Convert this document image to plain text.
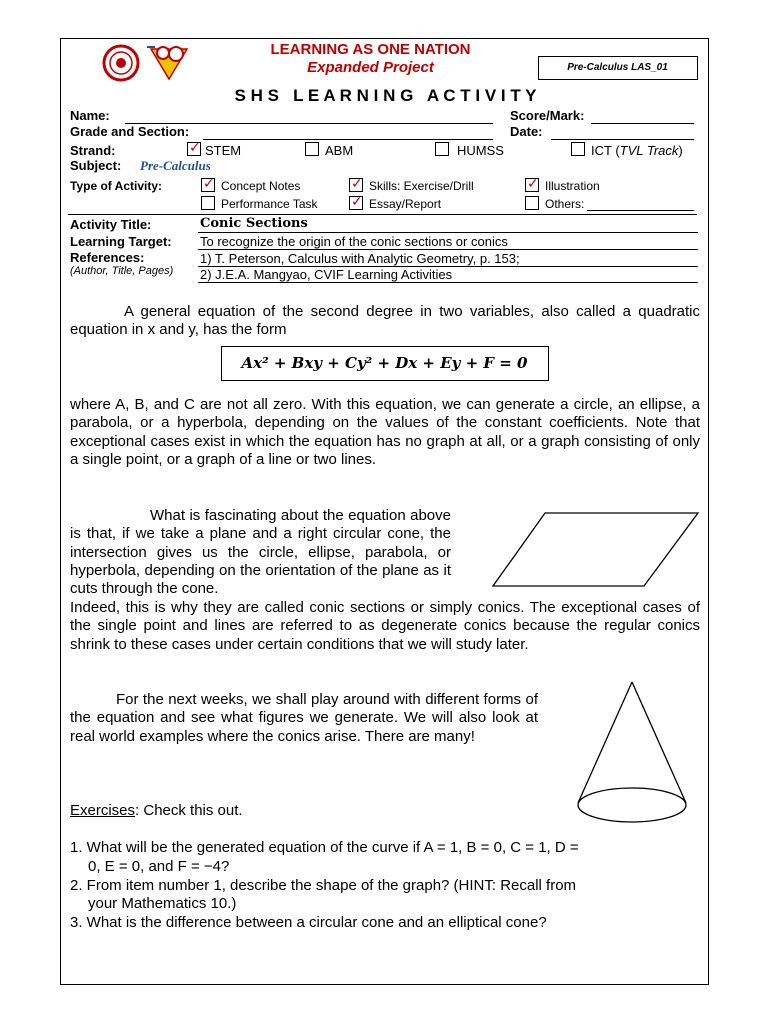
LEARNING AS ONE NATION
Expanded Project	Pre-Calculus LAS_01
S H S   L E A R N I N G   A C T I V I T Y
Name:	Score/Mark:
Grade and Section:	Date:
Strand: ✓	STEM	ABM	HUMSS	ICT (TVL Track)
Subject: Pre-Calculus
Type of Activity: ✓	Concept Notes ✓	Skills: Exercise/Drill ✓	Illustration
Performance Task ✓	Essay/Report	Others:
Activity Title:	Conic Sections
Learning Target: To recognize the origin of the conic sections or conics
References:
(Author, Title, Pages)
1) T. Peterson, Calculus with Analytic Geometry, p. 153;
2) J.E.A. Mangyao, CVIF Learning Activities
A general equation of the second degree in two variables, also called a quadratic equation in x and y, has the form
Ax² + Bxy + Cy² + Dx + Ey + F = 0
where A, B, and C are not all zero. With this equation, we can generate a circle, an ellipse, a parabola, or a hyperbola, depending on the values of the constant coefficients. Note that exceptional cases exist in which the equation has no graph at all, or a graph consisting of only a single point, or a graph of a line or two lines.
What is fascinating about the equation above is that, if we take a plane and a right circular cone, the intersection gives us the circle, ellipse, parabola, or hyperbola, depending on the orientation of the plane as it cuts through the cone.
Indeed, this is why they are called conic sections or simply conics. The exceptional cases of the single point and lines are referred to as degenerate conics because the regular conics shrink to these cases under certain conditions that we will study later.
For the next weeks, we shall play around with different forms of the equation and see what figures we generate. We will also look at real world examples where the conics arise. There are many!
Exercises: Check this out.
1. What will be the generated equation of the curve if A = 1, B = 0, C = 1, D =
0, E = 0, and F = −4?
2. From item number 1, describe the shape of the graph? (HINT: Recall from
your Mathematics 10.)
3. What is the difference between a circular cone and an elliptical cone?
